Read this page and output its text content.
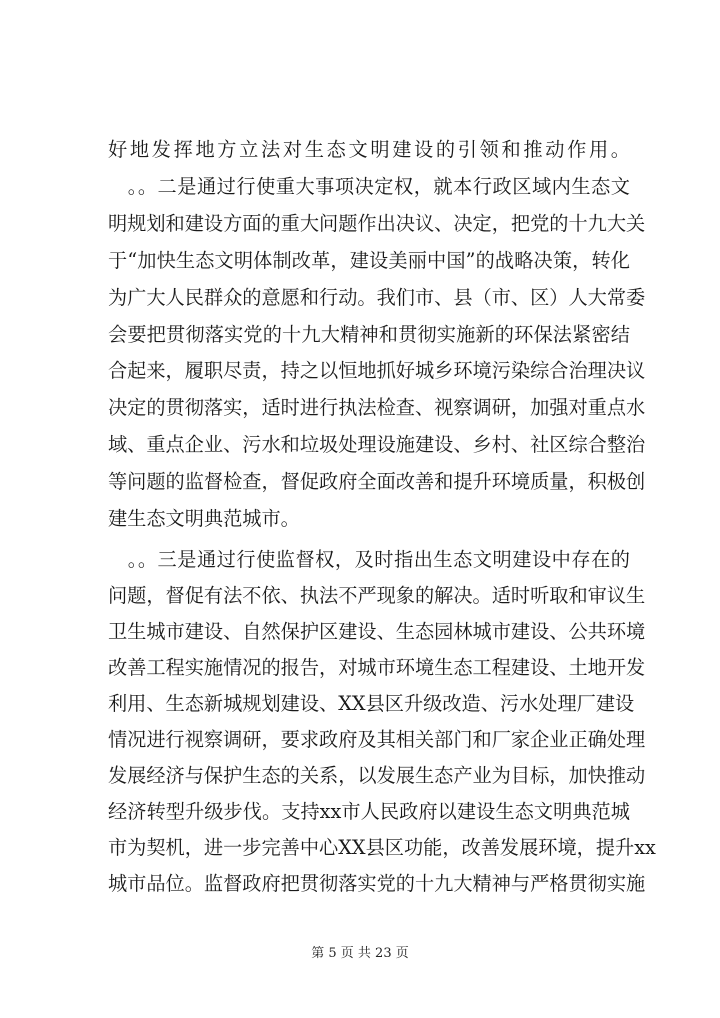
好地发挥地方立法对生态文明建设的引领和推动作用。
　。。二是通过行使重大事项决定权，就本行政区域内生态文
明规划和建设方面的重大问题作出决议、决定，把党的十九大关
于“加快生态文明体制改革，建设美丽中国”的战略决策，转化
为广大人民群众的意愿和行动。我们市、县（市、区）人大常委
会要把贯彻落实党的十九大精神和贯彻实施新的环保法紧密结
合起来，履职尽责，持之以恒地抓好城乡环境污染综合治理决议
决定的贯彻落实，适时进行执法检查、视察调研，加强对重点水
域、重点企业、污水和垃圾处理设施建设、乡村、社区综合整治
等问题的监督检查，督促政府全面改善和提升环境质量，积极创
建生态文明典范城市。
　。。三是通过行使监督权，及时指出生态文明建设中存在的
问题，督促有法不依、执法不严现象的解决。适时听取和审议生
卫生城市建设、自然保护区建设、生态园林城市建设、公共环境
改善工程实施情况的报告，对城市环境生态工程建设、土地开发
利用、生态新城规划建设、XX县区升级改造、污水处理厂建设
情况进行视察调研，要求政府及其相关部门和厂家企业正确处理
发展经济与保护生态的关系，以发展生态产业为目标，加快推动
经济转型升级步伐。支持xx市人民政府以建设生态文明典范城
市为契机，进一步完善中心XX县区功能，改善发展环境，提升xx
城市品位。监督政府把贯彻落实党的十九大精神与严格贯彻实施
第 5 页 共 23 页
